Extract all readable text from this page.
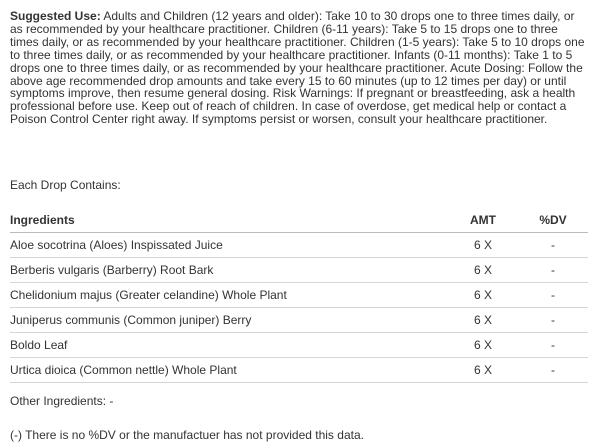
Suggested Use: Adults and Children (12 years and older): Take 10 to 30 drops one to three times daily, or as recommended by your healthcare practitioner. Children (6-11 years): Take 5 to 15 drops one to three times daily, or as recommended by your healthcare practitioner. Children (1-5 years): Take 5 to 10 drops one to three times daily, or as recommended by your healthcare practitioner. Infants (0-11 months): Take 1 to 5 drops one to three times daily, or as recommended by your healthcare practitioner. Acute Dosing: Follow the above age recommended drop amounts and take every 15 to 60 minutes (up to 12 times per day) or until symptoms improve, then resume general dosing. Risk Warnings: If pregnant or breastfeeding, ask a health professional before use. Keep out of reach of children. In case of overdose, get medical help or contact a Poison Control Center right away. If symptoms persist or worsen, consult your healthcare practitioner.

Each Drop Contains:

Ingredients	AMT	%DV
Aloe socotrina (Aloes) Inspissated Juice	6 X	-
Berberis vulgaris (Barberry) Root Bark	6 X	-
Chelidonium majus (Greater celandine) Whole Plant	6 X	-
Juniperus communis (Common juniper) Berry	6 X	-
Boldo Leaf	6 X	-
Urtica dioica (Common nettle) Whole Plant	6 X	-

Other Ingredients: -

(-) There is no %DV or the manufactuer has not provided this data.
